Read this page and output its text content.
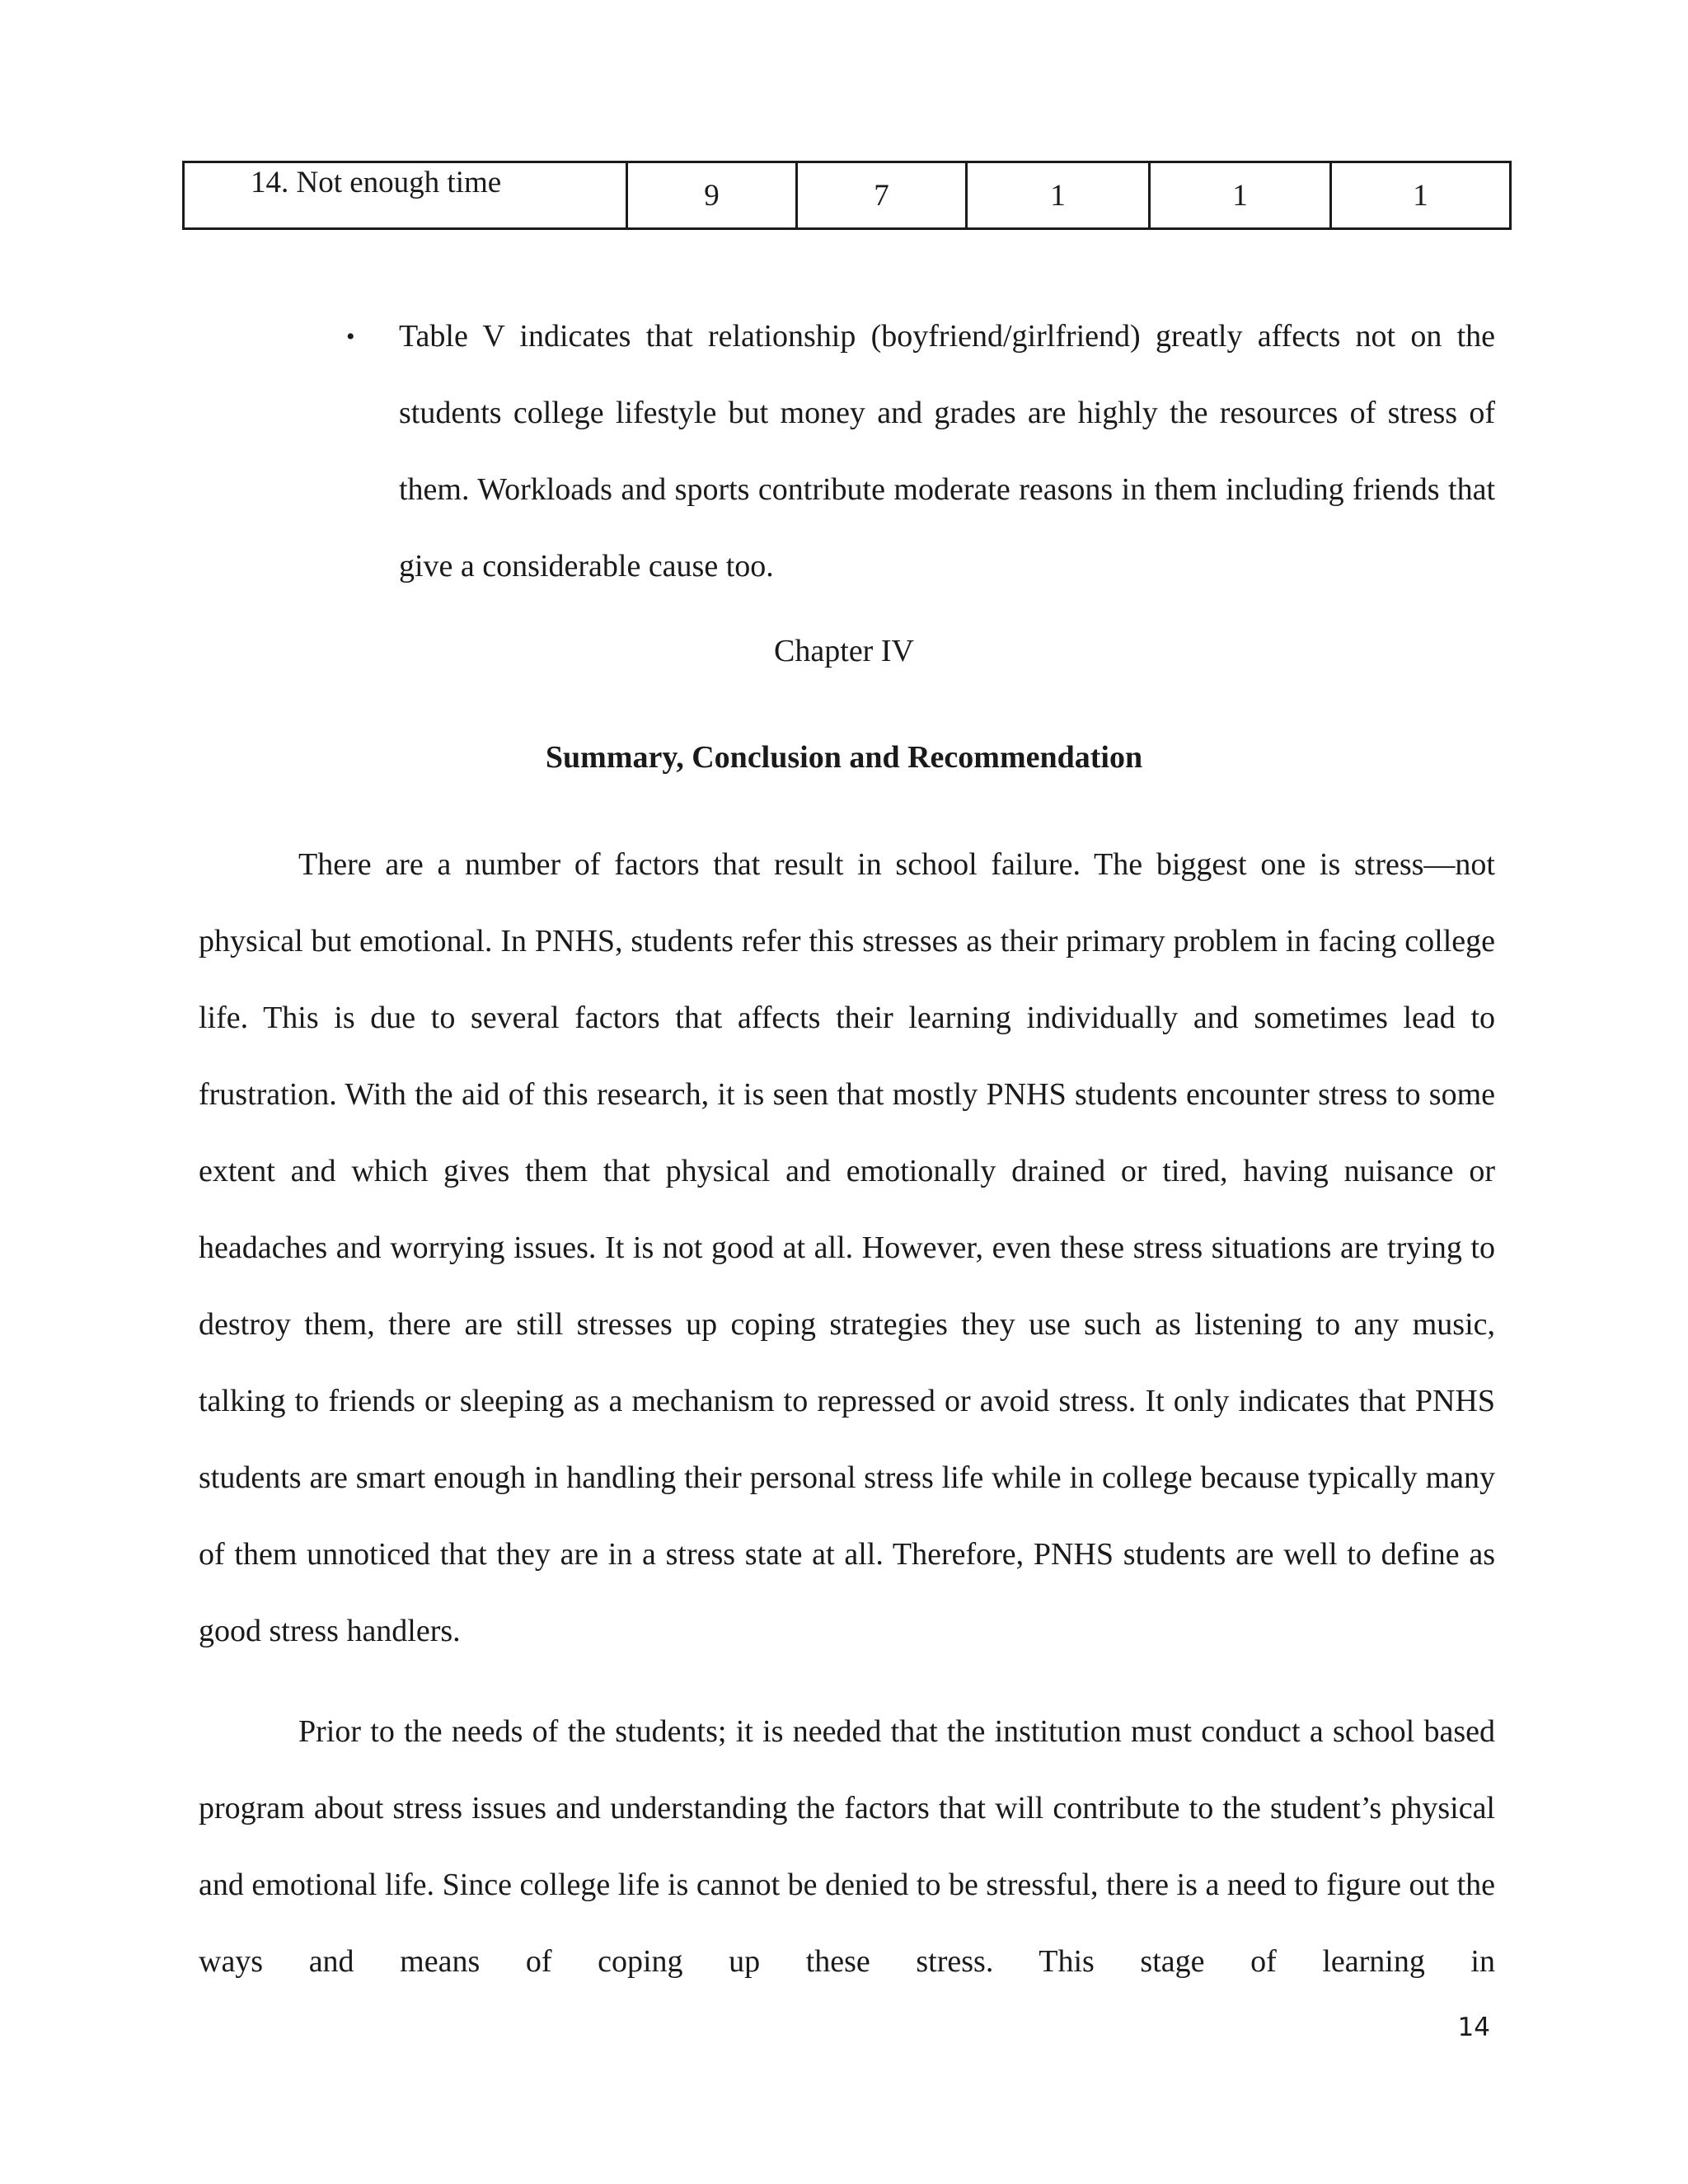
14. Not enough time	9	7	1	1	1
•	Table V indicates that relationship (boyfriend/girlfriend) greatly affects not on the students college lifestyle but money and grades are highly the resources of stress of them. Workloads and sports contribute moderate reasons in them including friends that give a considerable cause too.
Chapter IV
Summary, Conclusion and Recommendation

There are a number of factors that result in school failure. The biggest one is stress—not physical but emotional. In PNHS, students refer this stresses as their primary problem in facing college life. This is due to several factors that affects their learning individually and sometimes lead to frustration. With the aid of this research, it is seen that mostly PNHS students encounter stress to some extent and which gives them that physical and emotionally drained or tired, having nuisance or headaches and worrying issues. It is not good at all. However, even these stress situations are trying to destroy them, there are still stresses up coping strategies they use such as listening to any music, talking to friends or sleeping as a mechanism to repressed or avoid stress. It only indicates that PNHS students are smart enough in handling their personal stress life while in college because typically many of them unnoticed that they are in a stress state at all. Therefore, PNHS students are well to define as good stress handlers.

Prior to the needs of the students; it is needed that the institution must conduct a school based program about stress issues and understanding the factors that will contribute to the student’s physical and emotional life. Since college life is cannot be denied to be stressful, there is a need to figure out the ways and means of coping up these stress. This stage of learning in

14
